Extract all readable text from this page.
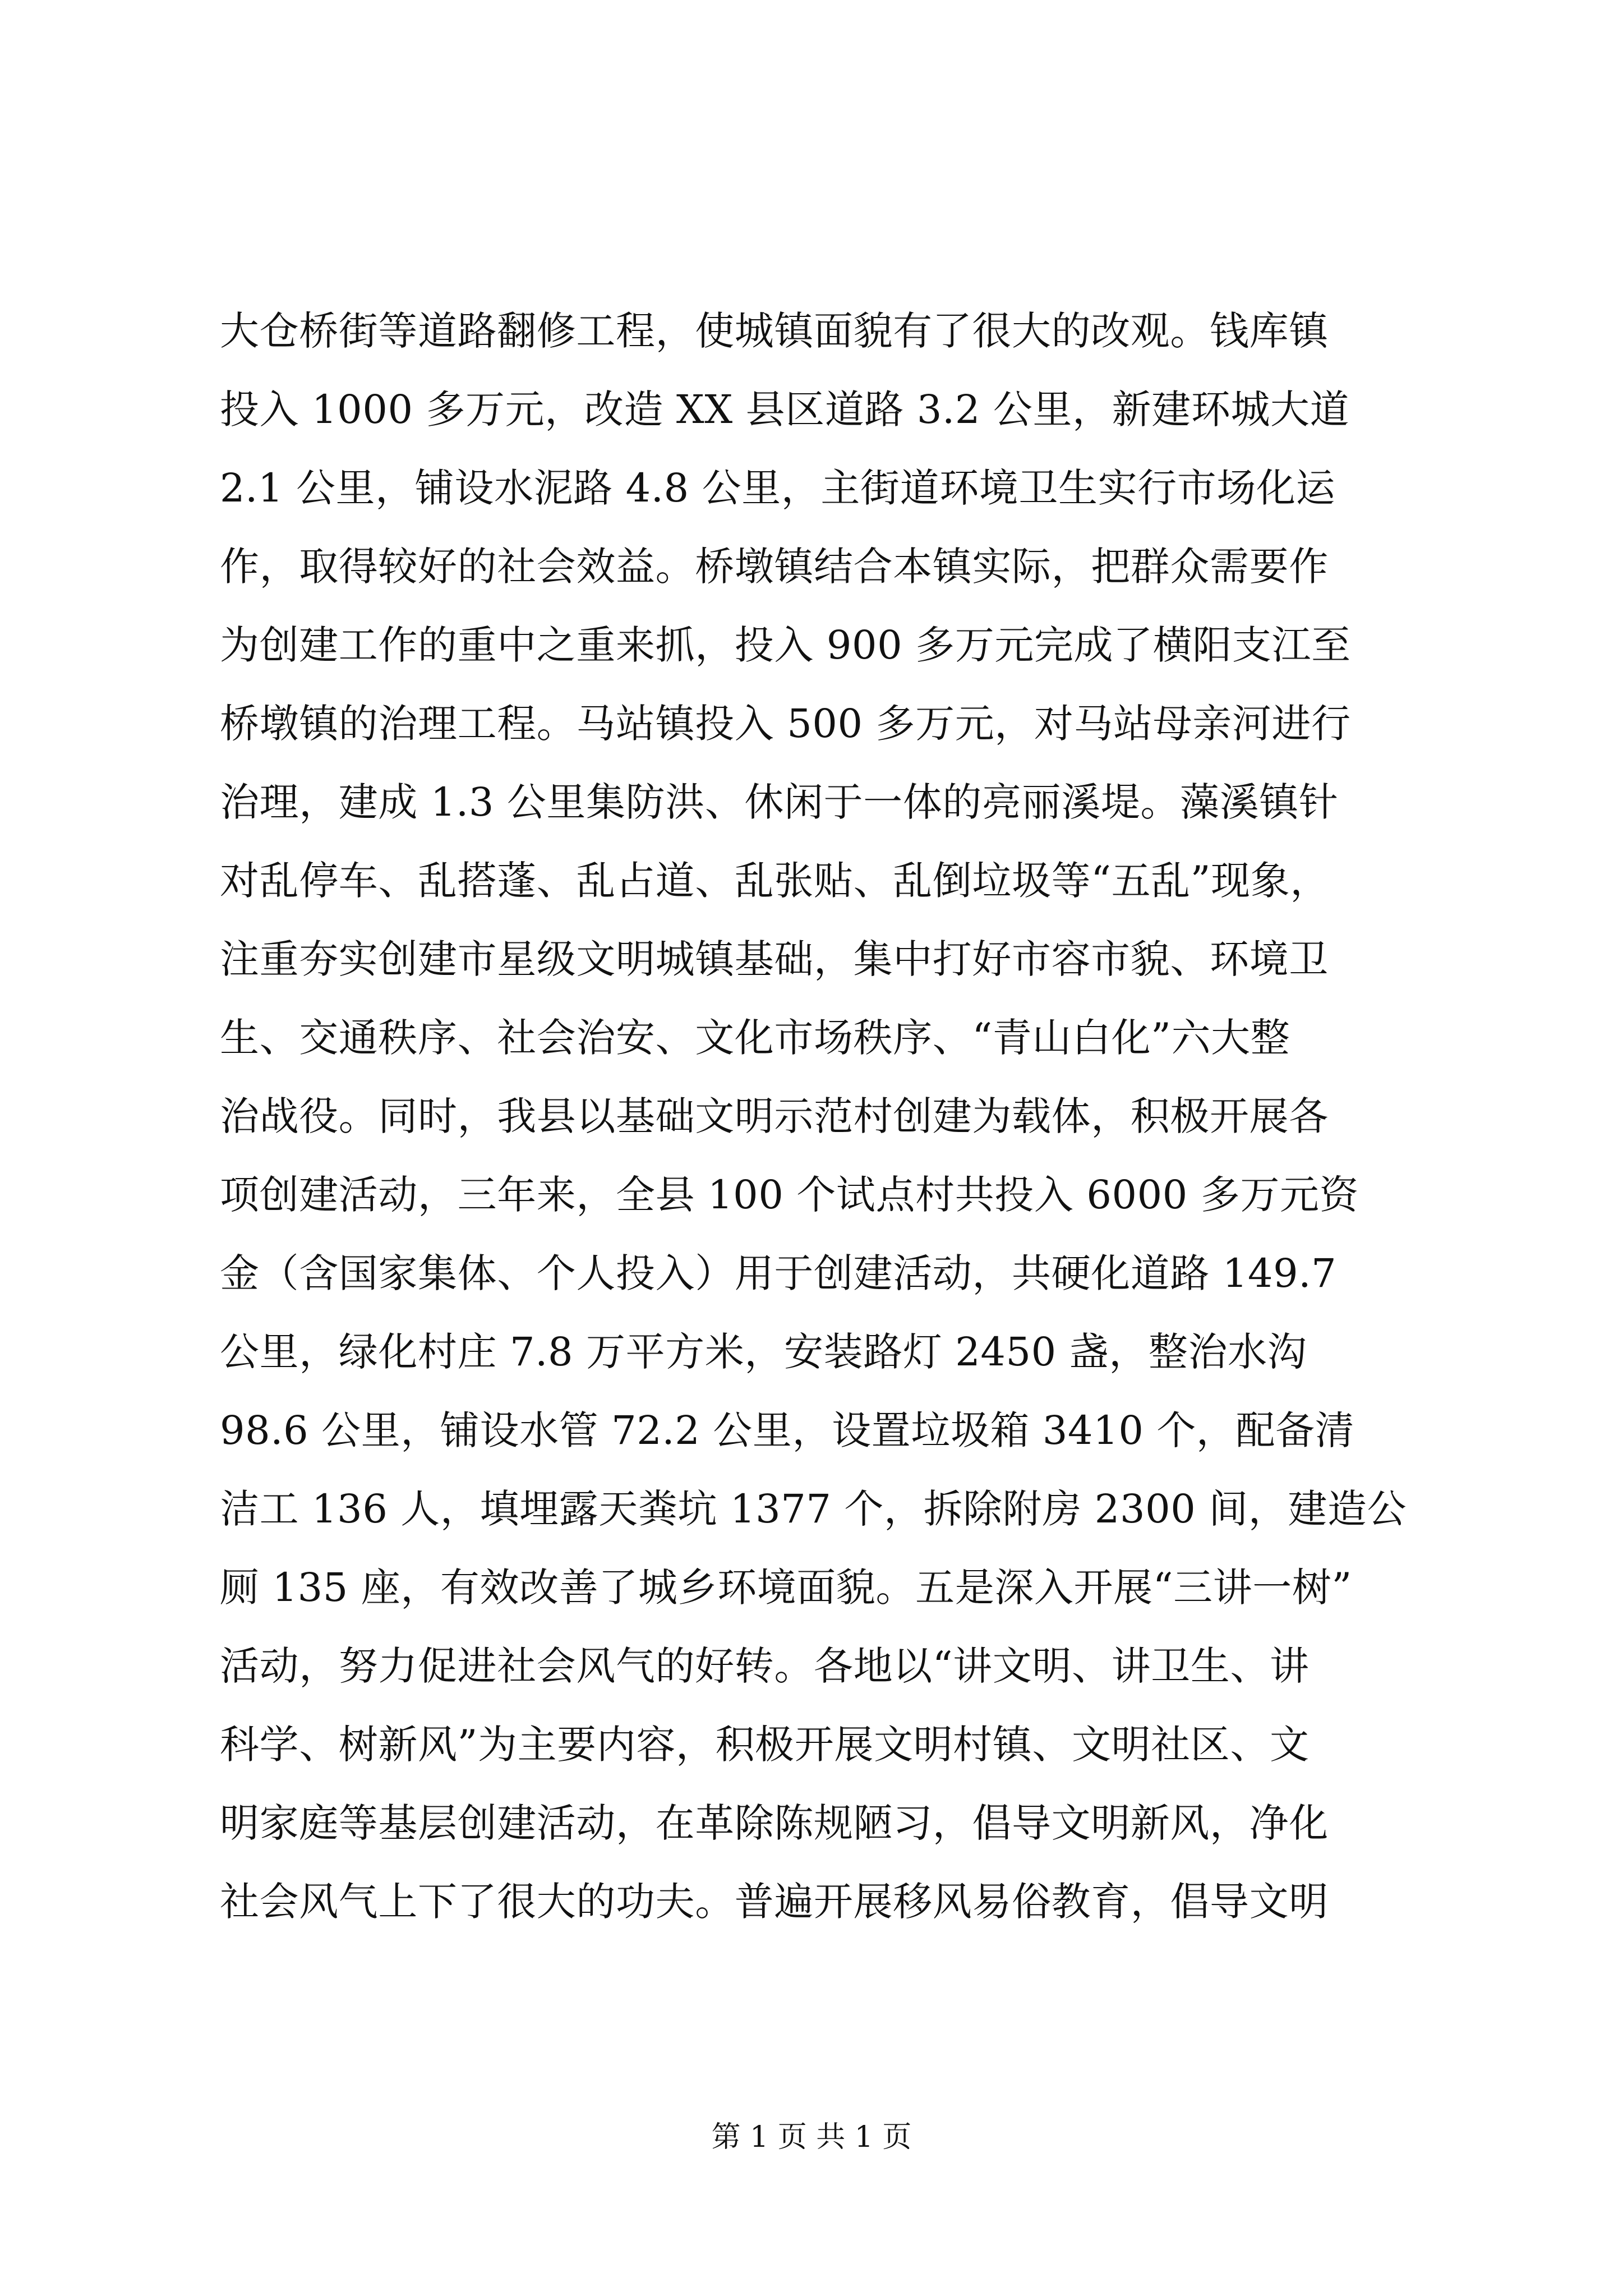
大仓桥街等道路翻修工程，使城镇面貌有了很大的改观。钱库镇
投入 1000 多万元，改造 XX 县区道路 3.2 公里，新建环城大道
2.1 公里，铺设水泥路 4.8 公里，主街道环境卫生实行市场化运
作，取得较好的社会效益。桥墩镇结合本镇实际，把群众需要作
为创建工作的重中之重来抓，投入 900 多万元完成了横阳支江至
桥墩镇的治理工程。马站镇投入 500 多万元，对马站母亲河进行
治理，建成 1.3 公里集防洪、休闲于一体的亮丽溪堤。藻溪镇针
对乱停车、乱搭蓬、乱占道、乱张贴、乱倒垃圾等“五乱”现象，
注重夯实创建市星级文明城镇基础，集中打好市容市貌、环境卫
生、交通秩序、社会治安、文化市场秩序、“青山白化”六大整
治战役。同时，我县以基础文明示范村创建为载体，积极开展各
项创建活动，三年来，全县 100 个试点村共投入 6000 多万元资
金（含国家集体、个人投入）用于创建活动，共硬化道路 149.7
公里，绿化村庄 7.8 万平方米，安装路灯 2450 盏，整治水沟
98.6 公里，铺设水管 72.2 公里，设置垃圾箱 3410 个，配备清
洁工 136 人，填埋露天粪坑 1377 个，拆除附房 2300 间，建造公
厕 135 座，有效改善了城乡环境面貌。五是深入开展“三讲一树”
活动，努力促进社会风气的好转。各地以“讲文明、讲卫生、讲
科学、树新风”为主要内容，积极开展文明村镇、文明社区、文
明家庭等基层创建活动，在革除陈规陋习，倡导文明新风，净化
社会风气上下了很大的功夫。普遍开展移风易俗教育，倡导文明
第 1 页 共 1 页
